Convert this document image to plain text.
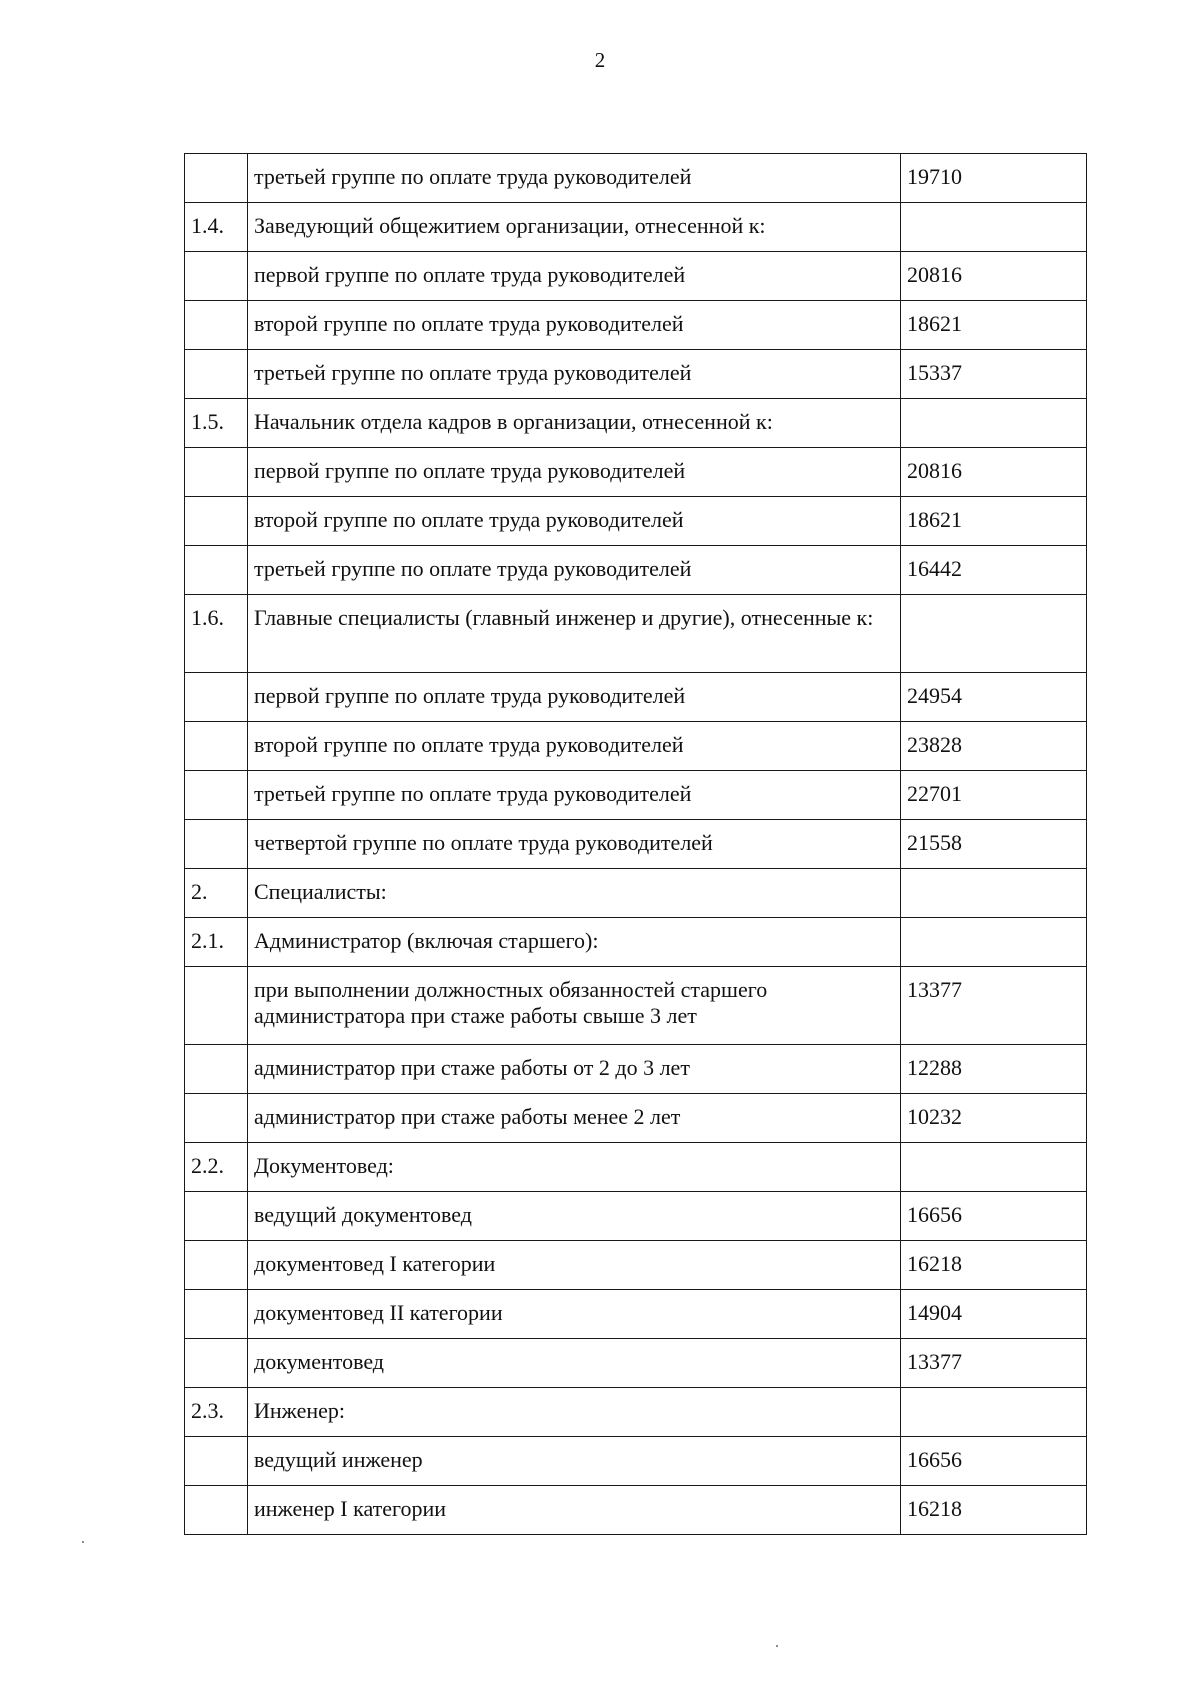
2
	третьей группе по оплате труда руководителей	19710
1.4.	Заведующий общежитием организации, отнесенной к:	
	первой группе по оплате труда руководителей	20816
	второй группе по оплате труда руководителей	18621
	третьей группе по оплате труда руководителей	15337
1.5.	Начальник отдела кадров в организации, отнесенной к:	
	первой группе по оплате труда руководителей	20816
	второй группе по оплате труда руководителей	18621
	третьей группе по оплате труда руководителей	16442
1.6.	Главные специалисты (главный инженер и другие), отнесенные к:	
	первой группе по оплате труда руководителей	24954
	второй группе по оплате труда руководителей	23828
	третьей группе по оплате труда руководителей	22701
	четвертой группе по оплате труда руководителей	21558
2.	Специалисты:	
2.1.	Администратор (включая старшего):	
	при выполнении должностных обязанностей старшего администратора при стаже работы свыше 3 лет	13377
	администратор при стаже работы от 2 до 3 лет	12288
	администратор при стаже работы менее 2 лет	10232
2.2.	Документовед:	
	ведущий документовед	16656
	документовед I категории	16218
	документовед II категории	14904
	документовед	13377
2.3.	Инженер:	
	ведущий инженер	16656
	инженер I категории	16218
